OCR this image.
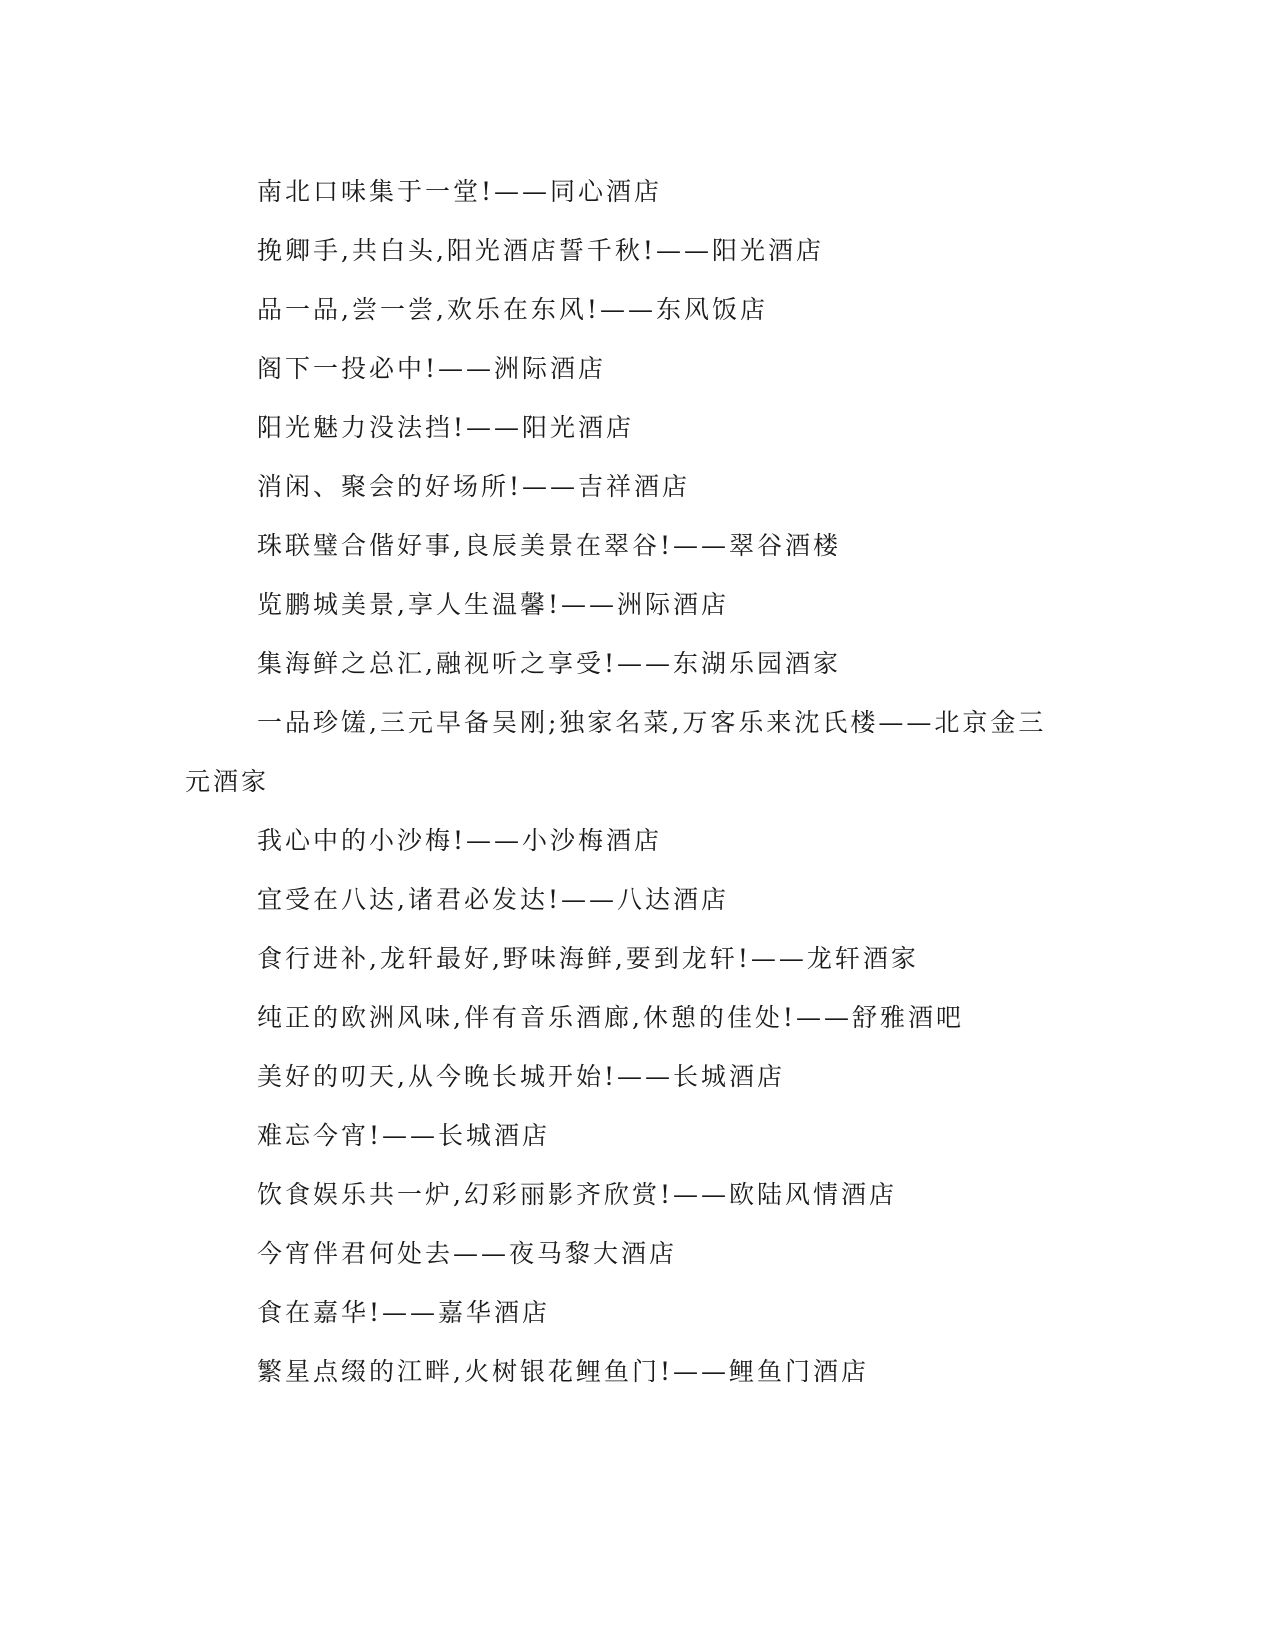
南北口味集于一堂!——同心酒店

挽卿手,共白头,阳光酒店誓千秋!——阳光酒店

品一品,尝一尝,欢乐在东风!——东风饭店

阁下一投必中!——洲际酒店

阳光魅力没法挡!——阳光酒店

消闲、聚会的好场所!——吉祥酒店

珠联璧合偕好事,良辰美景在翠谷!——翠谷酒楼

览鹏城美景,享人生温馨!——洲际酒店

集海鲜之总汇,融视听之享受!——东湖乐园酒家

一品珍馐,三元早备吴刚;独家名菜,万客乐来沈氏楼——北京金三元酒家

我心中的小沙梅!——小沙梅酒店

宜受在八达,诸君必发达!——八达酒店

食行进补,龙轩最好,野味海鲜,要到龙轩!——龙轩酒家

纯正的欧洲风味,伴有音乐酒廊,休憩的佳处!——舒雅酒吧

美好的叨天,从今晚长城开始!——长城酒店

难忘今宵!——长城酒店

饮食娱乐共一炉,幻彩丽影齐欣赏!——欧陆风情酒店

今宵伴君何处去——夜马黎大酒店

食在嘉华!——嘉华酒店

繁星点缀的江畔,火树银花鲤鱼门!——鲤鱼门酒店
